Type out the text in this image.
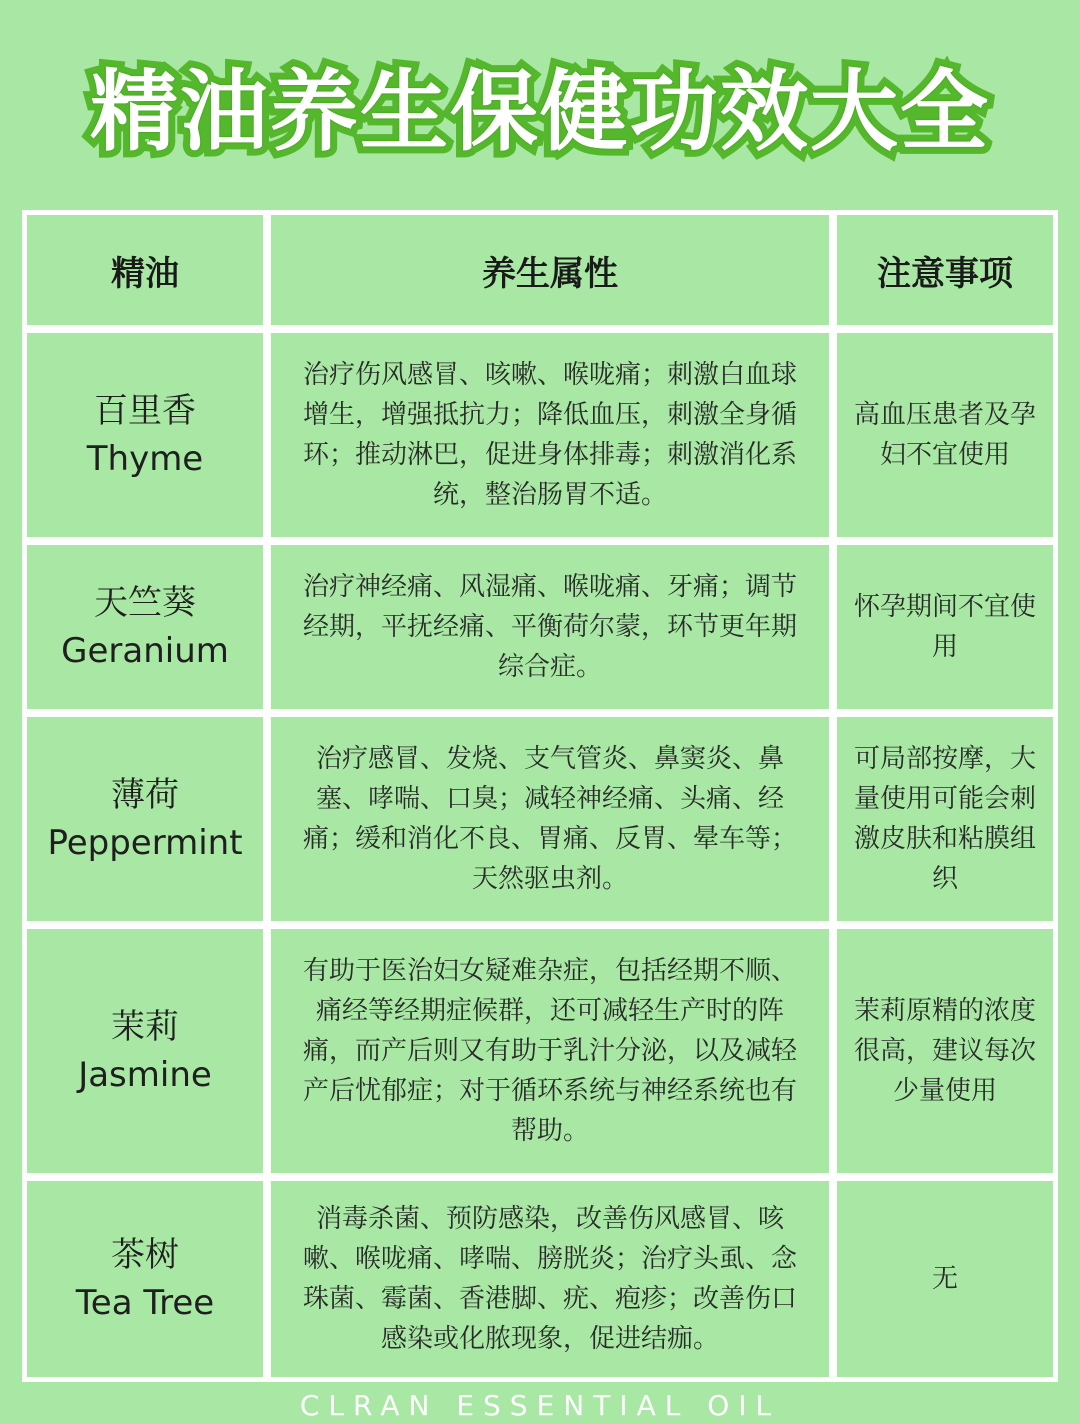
精油养生保健功效大全
精油	养生属性	注意事项
百里香
Thyme
治疗伤风感冒、咳嗽、喉咙痛；刺激白血球增生，增强抵抗力；降低血压，刺激全身循环；推动淋巴，促进身体排毒；刺激消化系统，整治肠胃不适。
高血压患者及孕妇不宜使用
天竺葵
Geranium
治疗神经痛、风湿痛、喉咙痛、牙痛；调节经期，平抚经痛、平衡荷尔蒙，环节更年期综合症。
怀孕期间不宜使用
薄荷
Peppermint
治疗感冒、发烧、支气管炎、鼻窦炎、鼻塞、哮喘、口臭；减轻神经痛、头痛、经痛；缓和消化不良、胃痛、反胃、晕车等；天然驱虫剂。
可局部按摩，大量使用可能会刺激皮肤和粘膜组织
茉莉
Jasmine
有助于医治妇女疑难杂症，包括经期不顺、痛经等经期症候群，还可减轻生产时的阵痛，而产后则又有助于乳汁分泌，以及减轻产后忧郁症；对于循环系统与神经系统也有帮助。
茉莉原精的浓度很高，建议每次少量使用
茶树
Tea Tree
消毒杀菌、预防感染，改善伤风感冒、咳嗽、喉咙痛、哮喘、膀胱炎；治疗头虱、念珠菌、霉菌、香港脚、疣、疱疹；改善伤口感染或化脓现象，促进结痂。
无
CLRAN ESSENTIAL OIL
